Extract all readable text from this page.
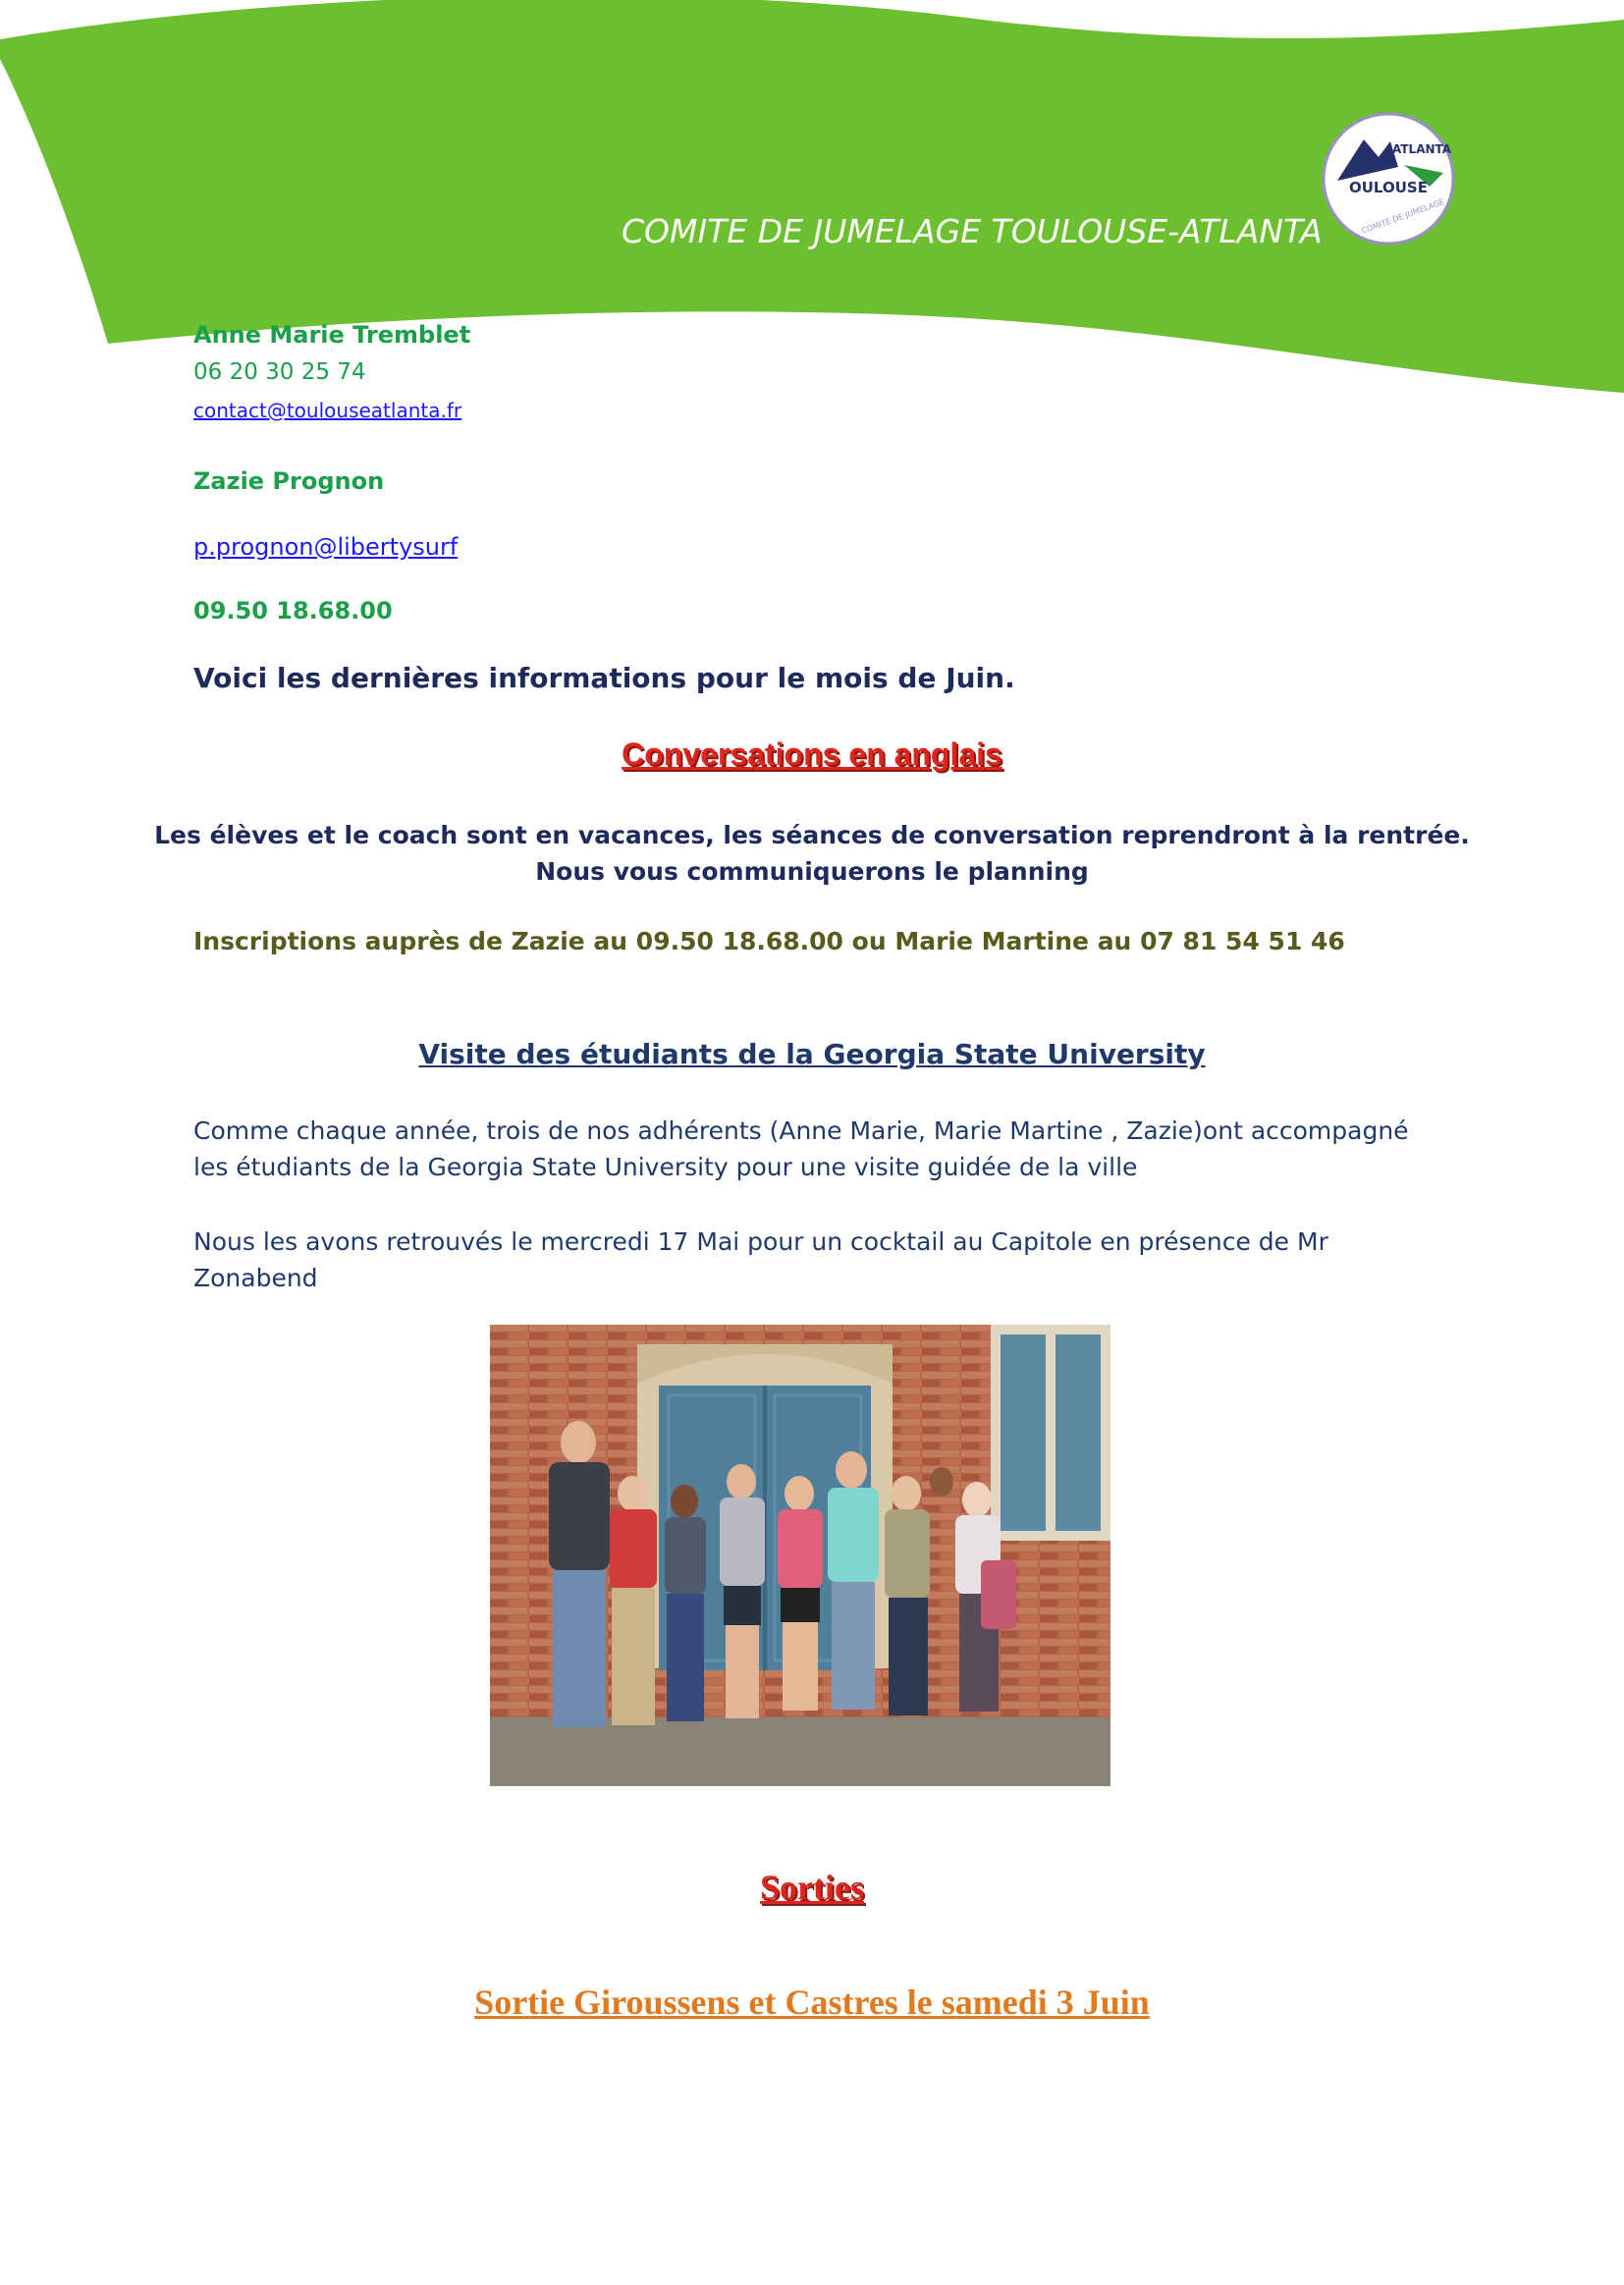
COMITE DE JUMELAGE TOULOUSE-ATLANTA
OULOUSE
ATLANTA
COMITE DE JUMELAGE
Anne Marie Tremblet
06 20 30 25 74
contact@toulouseatlanta.fr
Zazie Prognon
p.prognon@libertysurf
09.50 18.68.00
Voici les dernières informations pour le mois de Juin.
Conversations en anglais
Les élèves et le coach sont en vacances, les séances de conversation reprendront à la rentrée.
Nous vous communiquerons le planning
Inscriptions auprès de Zazie au 09.50 18.68.00 ou Marie Martine au 07 81 54 51 46
Visite des étudiants de la Georgia State University
Comme chaque année, trois de nos adhérents (Anne Marie, Marie Martine , Zazie)ont accompagné les étudiants de la Georgia State University pour une visite guidée de la ville
Nous les avons retrouvés le mercredi 17 Mai pour un cocktail au Capitole en présence de Mr Zonabend
Sorties
Sortie Giroussens et Castres le samedi 3 Juin
